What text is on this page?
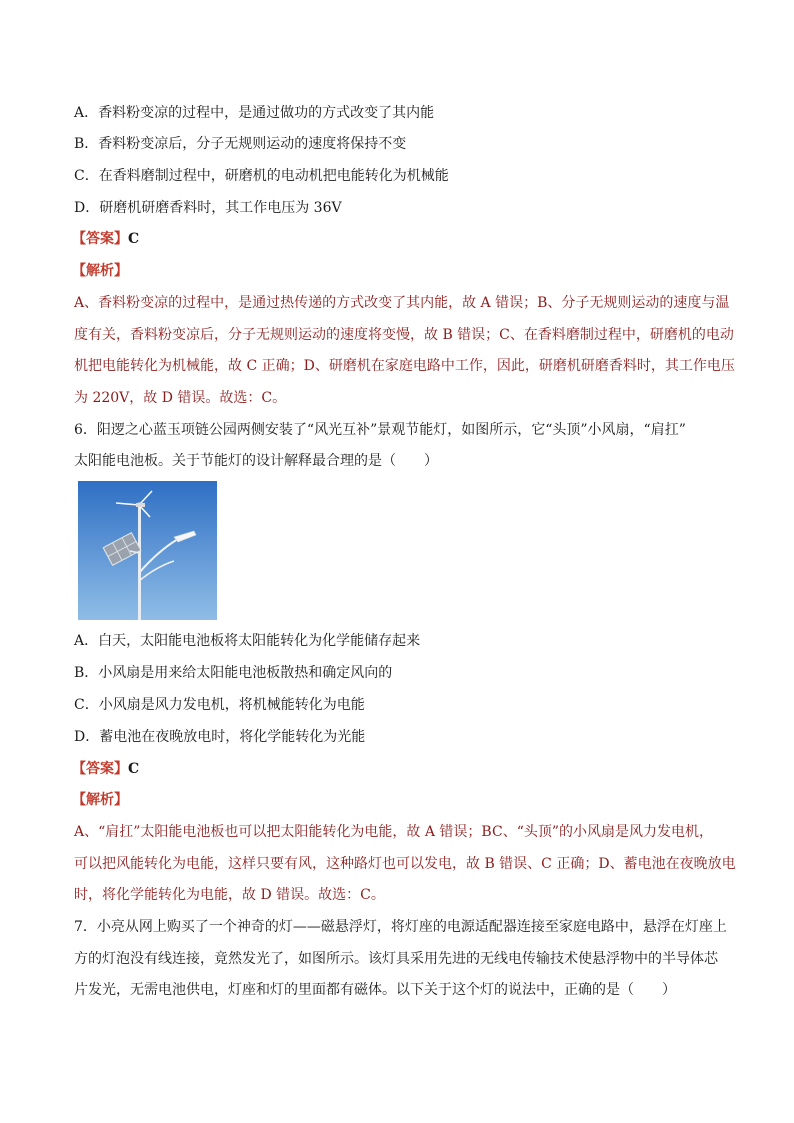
A．香料粉变凉的过程中，是通过做功的方式改变了其内能
B．香料粉变凉后，分子无规则运动的速度将保持不变
C．在香料磨制过程中，研磨机的电动机把电能转化为机械能
D．研磨机研磨香料时，其工作电压为 36V
【答案】C
【解析】
A、香料粉变凉的过程中，是通过热传递的方式改变了其内能，故 A 错误；B、分子无规则运动的速度与温
度有关，香料粉变凉后，分子无规则运动的速度将变慢，故 B 错误；C、在香料磨制过程中，研磨机的电动
机把电能转化为机械能，故 C 正确；D、研磨机在家庭电路中工作，因此，研磨机研磨香料时，其工作电压
为 220V，故 D 错误。故选：C。
6．阳逻之心蓝玉项链公园两侧安装了“风光互补”景观节能灯，如图所示，它“头顶”小风扇，“肩扛”
太阳能电池板。关于节能灯的设计解释最合理的是（　　）
A．白天，太阳能电池板将太阳能转化为化学能储存起来
B．小风扇是用来给太阳能电池板散热和确定风向的
C．小风扇是风力发电机，将机械能转化为电能
D．蓄电池在夜晚放电时，将化学能转化为光能
【答案】C
【解析】
A、“肩扛”太阳能电池板也可以把太阳能转化为电能，故 A 错误；BC、“头顶”的小风扇是风力发电机，
可以把风能转化为电能，这样只要有风，这种路灯也可以发电，故 B 错误、C 正确；D、蓄电池在夜晚放电
时，将化学能转化为电能，故 D 错误。故选：C。
7．小亮从网上购买了一个神奇的灯——磁悬浮灯，将灯座的电源适配器连接至家庭电路中，悬浮在灯座上
方的灯泡没有线连接，竟然发光了，如图所示。该灯具采用先进的无线电传输技术使悬浮物中的半导体芯
片发光，无需电池供电，灯座和灯的里面都有磁体。以下关于这个灯的说法中，正确的是（　　）
